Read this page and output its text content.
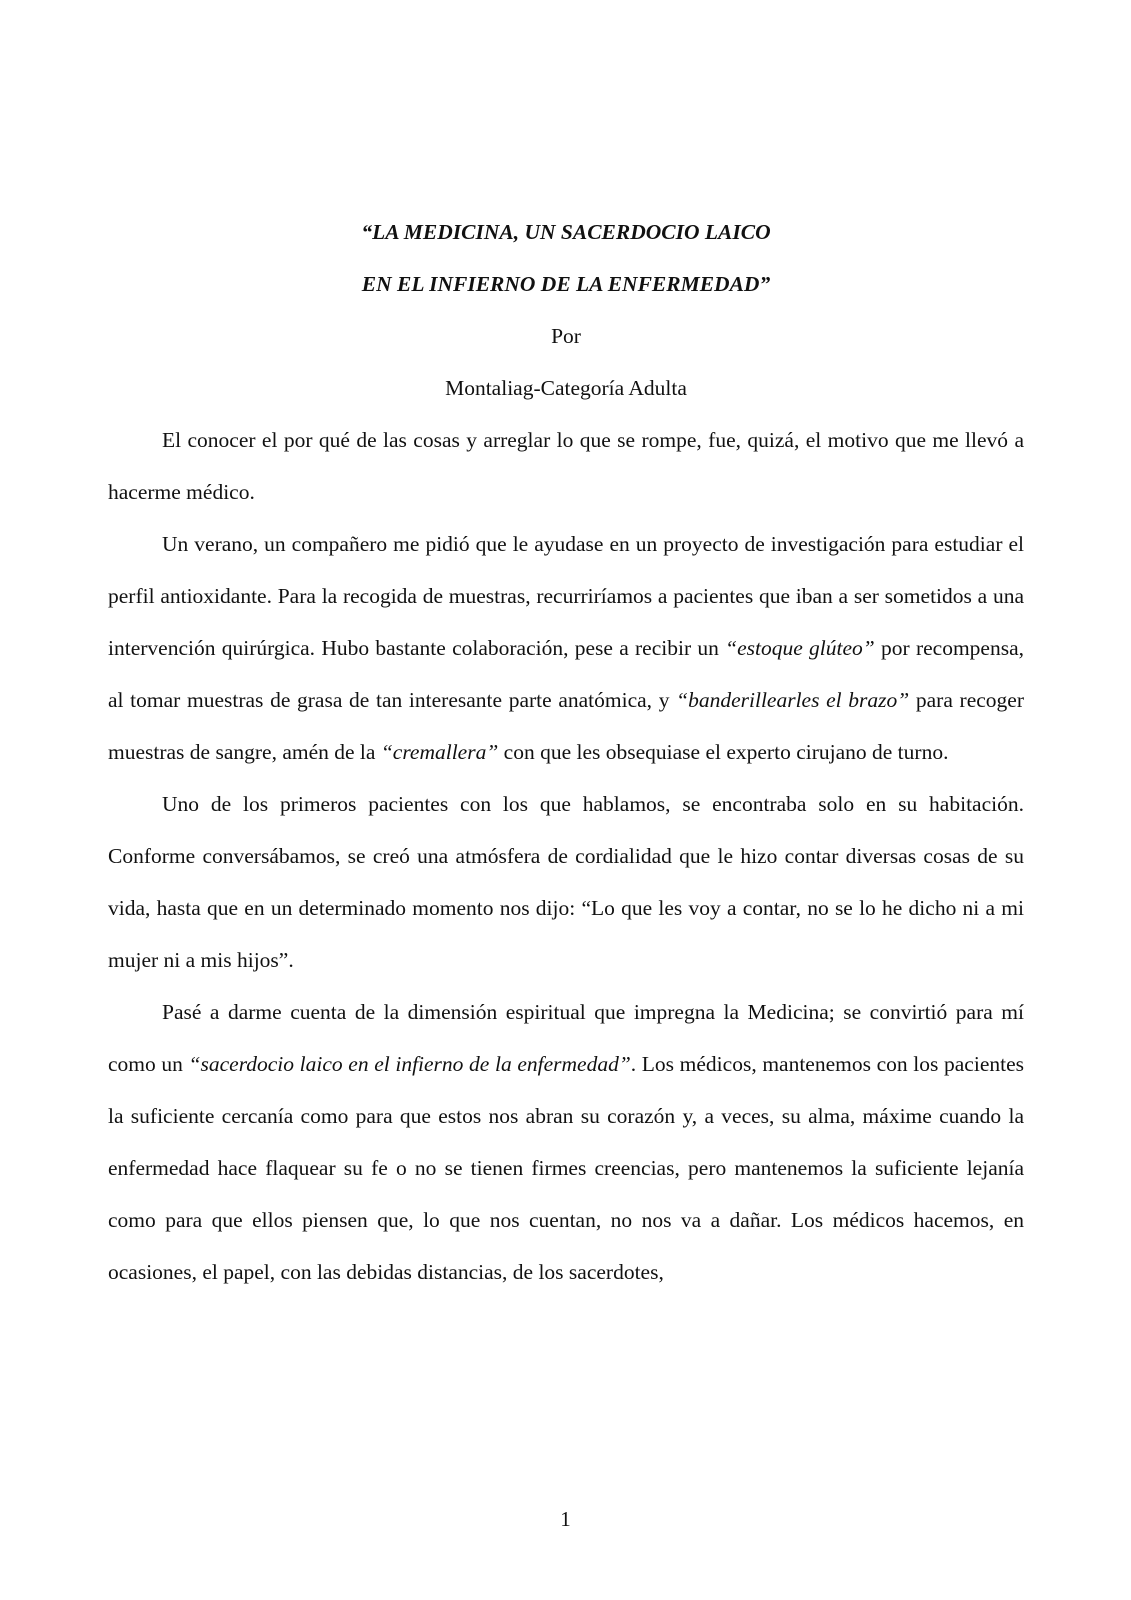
“LA MEDICINA, UN SACERDOCIO LAICO

EN EL INFIERNO DE LA ENFERMEDAD”

Por

Montaliag-Categoría Adulta

El conocer el por qué de las cosas y arreglar lo que se rompe, fue, quizá, el motivo que me llevó a hacerme médico.

Un verano, un compañero me pidió que le ayudase en un proyecto de investigación para estudiar el perfil antioxidante. Para la recogida de muestras, recurriríamos a pacientes que iban a ser sometidos a una intervención quirúrgica. Hubo bastante colaboración, pese a recibir un “estoque glúteo” por recompensa, al tomar muestras de grasa de tan interesante parte anatómica, y “banderillearles el brazo” para recoger muestras de sangre, amén de la “cremallera” con que les obsequiase el experto cirujano de turno.

Uno de los primeros pacientes con los que hablamos, se encontraba solo en su habitación. Conforme conversábamos, se creó una atmósfera de cordialidad que le hizo contar diversas cosas de su vida, hasta que en un determinado momento nos dijo: “Lo que les voy a contar, no se lo he dicho ni a mi mujer ni a mis hijos”.

Pasé a darme cuenta de la dimensión espiritual que impregna la Medicina; se convirtió para mí como un “sacerdocio laico en el infierno de la enfermedad”. Los médicos, mantenemos con los pacientes la suficiente cercanía como para que estos nos abran su corazón y, a veces, su alma, máxime cuando la enfermedad hace flaquear su fe o no se tienen firmes creencias, pero mantenemos la suficiente lejanía como para que ellos piensen que, lo que nos cuentan, no nos va a dañar. Los médicos hacemos, en ocasiones, el papel, con las debidas distancias, de los sacerdotes,

1
